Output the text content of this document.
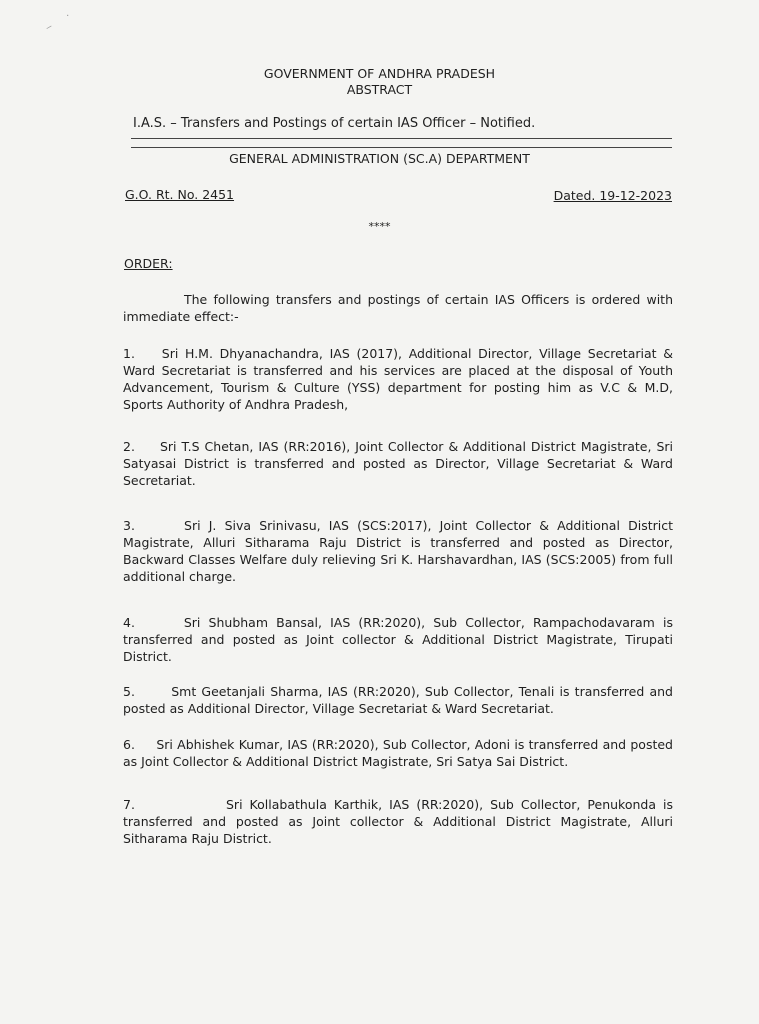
․
‒
GOVERNMENT OF ANDHRA PRADESH
ABSTRACT
I.A.S. – Transfers and Postings of certain IAS Officer – Notified.
GENERAL ADMINISTRATION (SC.A) DEPARTMENT
G.O. Rt. No. 2451	Dated. 19-12-2023
****
ORDER:
The following transfers and postings of certain IAS Officers is ordered with immediate effect:-
1. Sri H.M. Dhyanachandra, IAS (2017), Additional Director, Village Secretariat & Ward Secretariat is transferred and his services are placed at the disposal of Youth Advancement, Tourism & Culture (YSS) department for posting him as V.C & M.D, Sports Authority of Andhra Pradesh,
2. Sri T.S Chetan, IAS (RR:2016), Joint Collector & Additional District Magistrate, Sri Satyasai District is transferred and posted as Director, Village Secretariat & Ward Secretariat.
3.	Sri J. Siva Srinivasu, IAS (SCS:2017), Joint Collector & Additional District Magistrate, Alluri Sitharama Raju District is transferred and posted as Director, Backward Classes Welfare duly relieving Sri K. Harshavardhan, IAS (SCS:2005) from full additional charge.
4.	Sri Shubham Bansal, IAS (RR:2020), Sub Collector, Rampachodavaram is transferred and posted as Joint collector & Additional District Magistrate, Tirupati District.
5.	Smt Geetanjali Sharma, IAS (RR:2020), Sub Collector, Tenali is transferred and posted as Additional Director, Village Secretariat & Ward Secretariat.
6. Sri Abhishek Kumar, IAS (RR:2020), Sub Collector, Adoni is transferred and posted as Joint Collector & Additional District Magistrate, Sri Satya Sai District.
7.	Sri Kollabathula Karthik, IAS (RR:2020), Sub Collector, Penukonda is transferred and posted as Joint collector & Additional District Magistrate, Alluri Sitharama Raju District.
